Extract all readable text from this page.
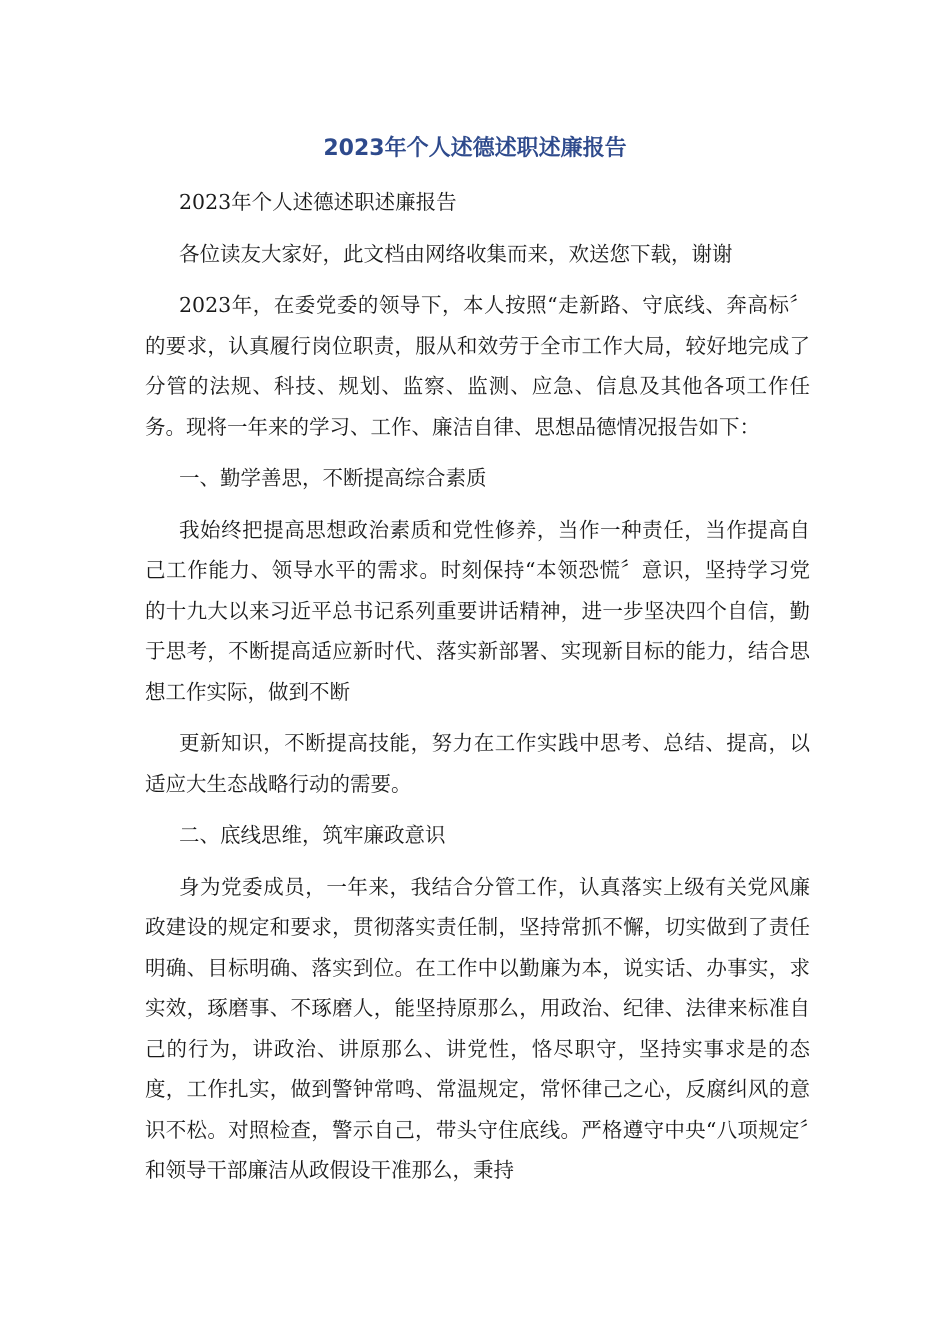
2023年个人述德述职述廉报告

2023年个人述德述职述廉报告

各位读友大家好，此文档由网络收集而来，欢送您下载，谢谢

2023年，在委党委的领导下，本人按照“走新路、守底线、奔高标〞的要求，认真履行岗位职责，服从和效劳于全市工作大局，较好地完成了分管的法规、科技、规划、监察、监测、应急、信息及其他各项工作任务。现将一年来的学习、工作、廉洁自律、思想品德情况报告如下：

一、勤学善思，不断提高综合素质

我始终把提高思想政治素质和党性修养，当作一种责任，当作提高自己工作能力、领导水平的需求。时刻保持“本领恐慌〞意识，坚持学习党的十九大以来习近平总书记系列重要讲话精神，进一步坚决四个自信，勤于思考，不断提高适应新时代、落实新部署、实现新目标的能力，结合思想工作实际，做到不断

更新知识，不断提高技能，努力在工作实践中思考、总结、提高，以适应大生态战略行动的需要。

二、底线思维，筑牢廉政意识

身为党委成员，一年来，我结合分管工作，认真落实上级有关党风廉政建设的规定和要求，贯彻落实责任制，坚持常抓不懈，切实做到了责任明确、目标明确、落实到位。在工作中以勤廉为本，说实话、办事实，求实效，琢磨事、不琢磨人，能坚持原那么，用政治、纪律、法律来标准自己的行为，讲政治、讲原那么、讲党性，恪尽职守，坚持实事求是的态度，工作扎实，做到警钟常鸣、常温规定，常怀律己之心，反腐纠风的意识不松。对照检查，警示自己，带头守住底线。严格遵守中央“八项规定〞和领导干部廉洁从政假设干准那么，秉持
